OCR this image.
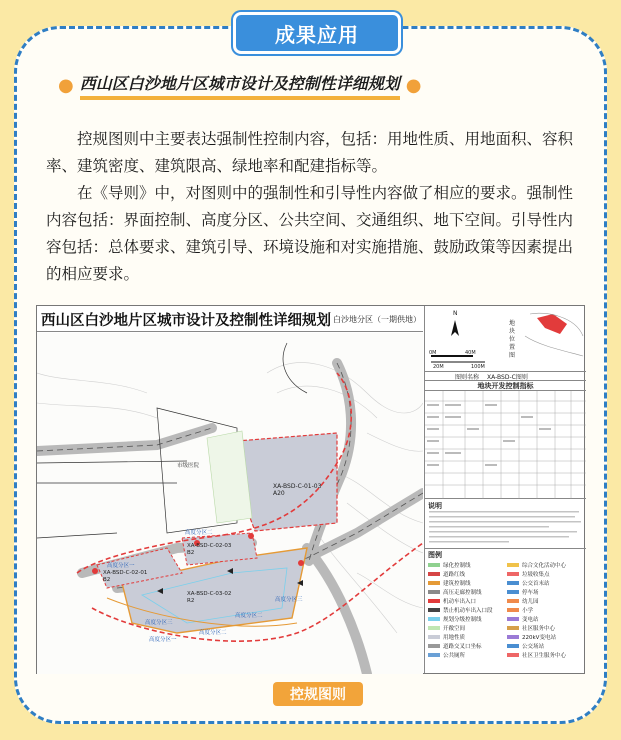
成果应用
● 西山区白沙地片区城市设计及控制性详细规划 ●

控规图则中主要表达强制性控制内容，包括：用地性质、用地面积、容积率、建筑密度、建筑限高、绿地率和配建指标等。

在《导则》中，对图则中的强制性和引导性内容做了相应的要求。强制性内容包括：界面控制、高度分区、公共空间、交通组织、地下空间。引导性内容包括：总体要求、建筑引导、环境设施和对实施措施、鼓励政策等因素提出的相应要求。

西山区白沙地片区城市设计及控制性详细规划 白沙地分区（一期供地）
XA-BSD-C-01-03
A20
市级医院
XA-BSD-C-02-01
B2
XA-BSD-C-02-03
B2
XA-BSD-C-03-02
R2
高度分区二
高度分区一
高度分区三
高度分区三
高度分区二
高度分区二
高度分区一
N
地块位置图
0M	40M
20M	100M
图则名称 XA-BSD-C图则
地块开发控制指标
说明
图例
绿化控制线
道路红线
建筑控制线
高压走廊控制线
机动车出入口
禁止机动车出入口段
规划分级控制线
开敞空间
用地性质
道路交叉口坐标
公共厕所
综合文化活动中心
垃圾收集点
公交首末站
停车场
幼儿园
小学
变电站
社区服务中心
220kV变电站
公交场站
社区卫生服务中心
控规图则
